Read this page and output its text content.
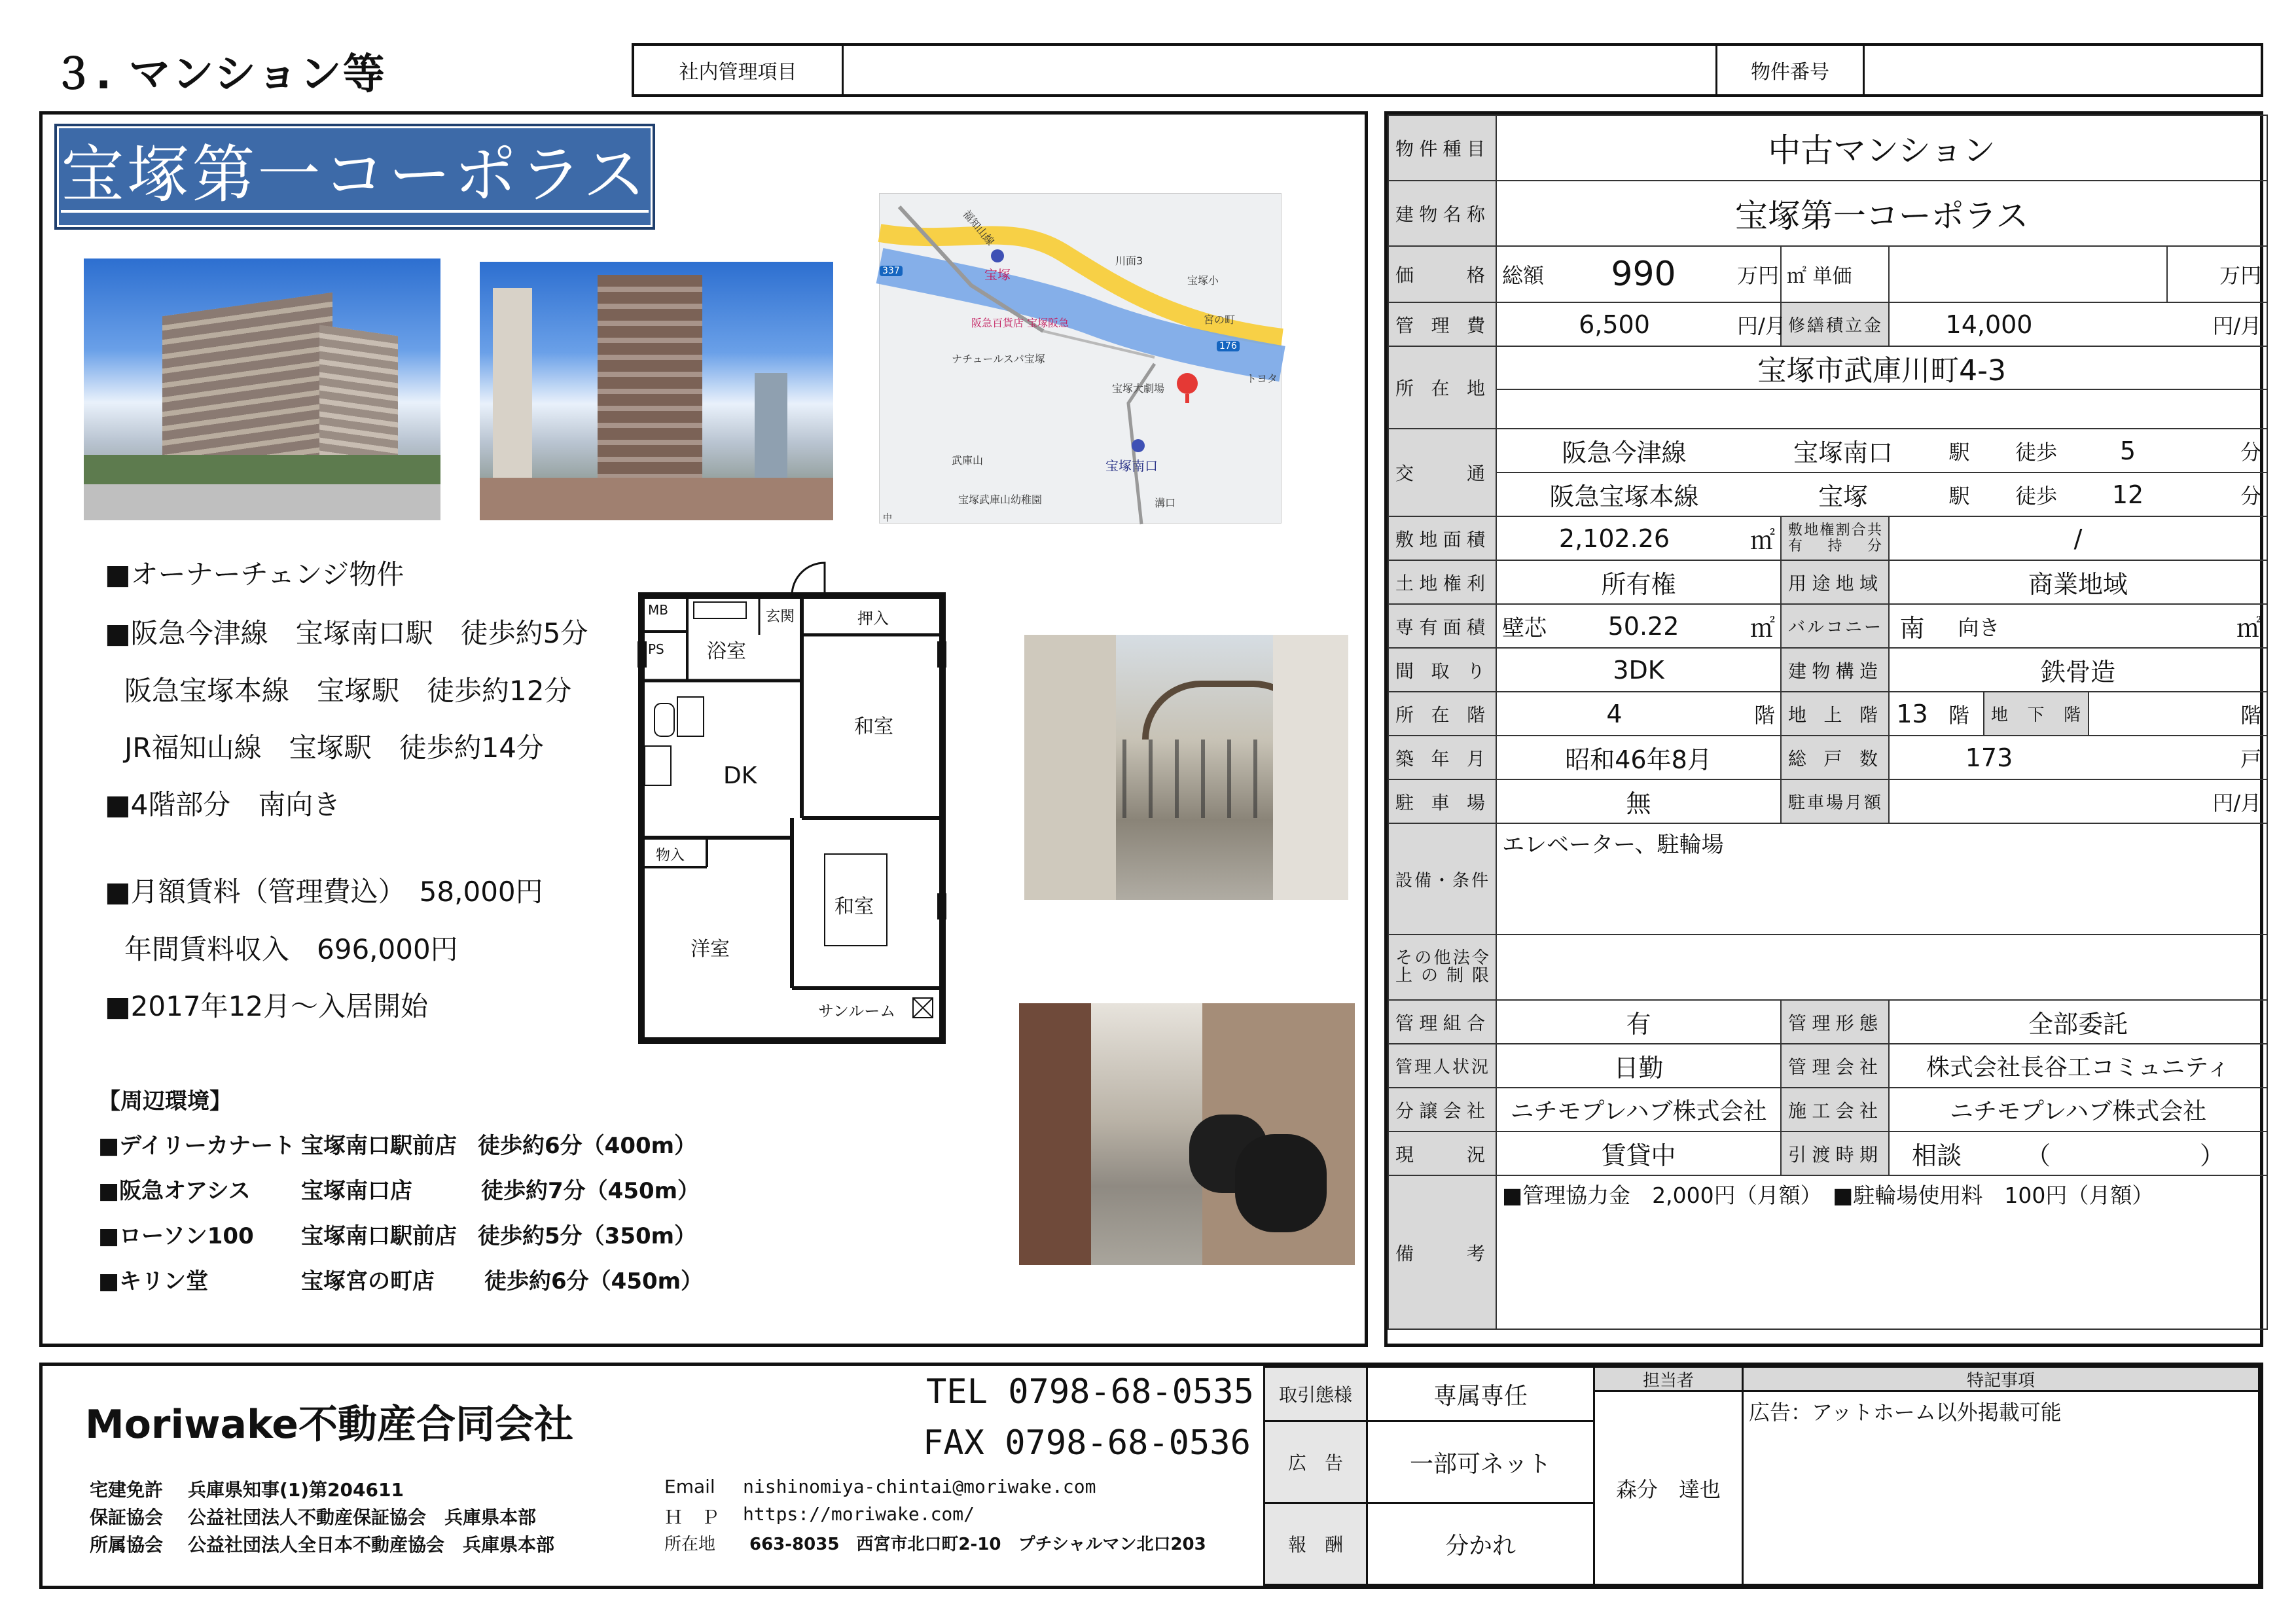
３. マンション等	社内管理項目	物件番号
宝塚第一コーポラス
宝塚
阪急百貨店 宝塚阪急
ナチュールスパ宝塚
宝塚大劇場
宝塚南口
宝塚武庫山幼稚園
宝塚小
宮の町
トヨタ
武庫山
川面3
福知山線
溝口
中
176
337
■オーナーチェンジ物件
■阪急今津線　宝塚南口駅　徒歩約5分
阪急宝塚本線　宝塚駅　徒歩約12分
JR福知山線　宝塚駅　徒歩約14分
■4階部分　南向き
■月額賃料（管理費込）　58,000円
年間賃料収入　696,000円
■2017年12月～入居開始
【周辺環境】
■デイリーカナート 宝塚南口駅前店 徒歩約6分（400m）
■阪急オアシス 宝塚南口店	徒歩約7分（450m）
■ローソン100 宝塚南口駅前店 徒歩約5分（350m）
■キリン堂	宝塚宮の町店 徒歩約6分（450m）
MB
PS 浴室
玄関	押入
和室
DK
物入
和室
洋室
サンルーム
物件種目	中古マンション										
建物名称	宝塚第一コーポラス										
価格	総額	990	万円		㎡ 単価						万円
管理費	6,500		円/月		修繕積立金	14,000				円/月	
所在地	宝塚市武庫川町4-3										

交通	阪急今津線			宝塚南口			駅	徒歩		5	分
	阪急宝塚本線			宝塚			駅	徒歩		12	分
敷地面積	2,102.26		㎡		敷地権割合共有持分	/					
土地権利	所有権				用途地域	商業地域					
専有面積	壁芯	50.22	㎡		バルコニー	南	向き		㎡		
間取り	3DK				建物構造	鉄骨造					
所在階	4		階		地上階	13	階	地下階			階
築年月	昭和46年8月				総戸数	173				戸	
駐車場	無				駐車場月額					円/月	
設備・条件	エレベーター、駐輪場										
その他法令上の制限											
管理組合	有				管理形態	全部委託					
管理人状況	日勤				管理会社	株式会社長谷工コミュニティ					
分譲会社	ニチモプレハブ株式会社				施工会社	ニチモプレハブ株式会社					
現況	賃貸中				引渡時期	相談		（　　　　　　）			
備考	■管理協力金　2,000円（月額）　■駐輪場使用料　100円（月額）										
Moriwake不動産合同会社
TEL 0798-68-0535
FAX 0798-68-0536
宅建免許 兵庫県知事(1)第204611
保証協会 公益社団法人不動産保証協会　兵庫県本部
所属協会 公益社団法人全日本不動産協会　兵庫県本部
Email nishinomiya-chintai@moriwake.com
Ｈ　Ｐ https://moriwake.com/
所在地 663-8035　西宮市北口町2-10　プチシャルマン北口203
取引態様	専属専任
広　告	一部可ネット
報　酬	分かれ
担当者
森分　達也
特記事項
広告：アットホーム以外掲載可能
